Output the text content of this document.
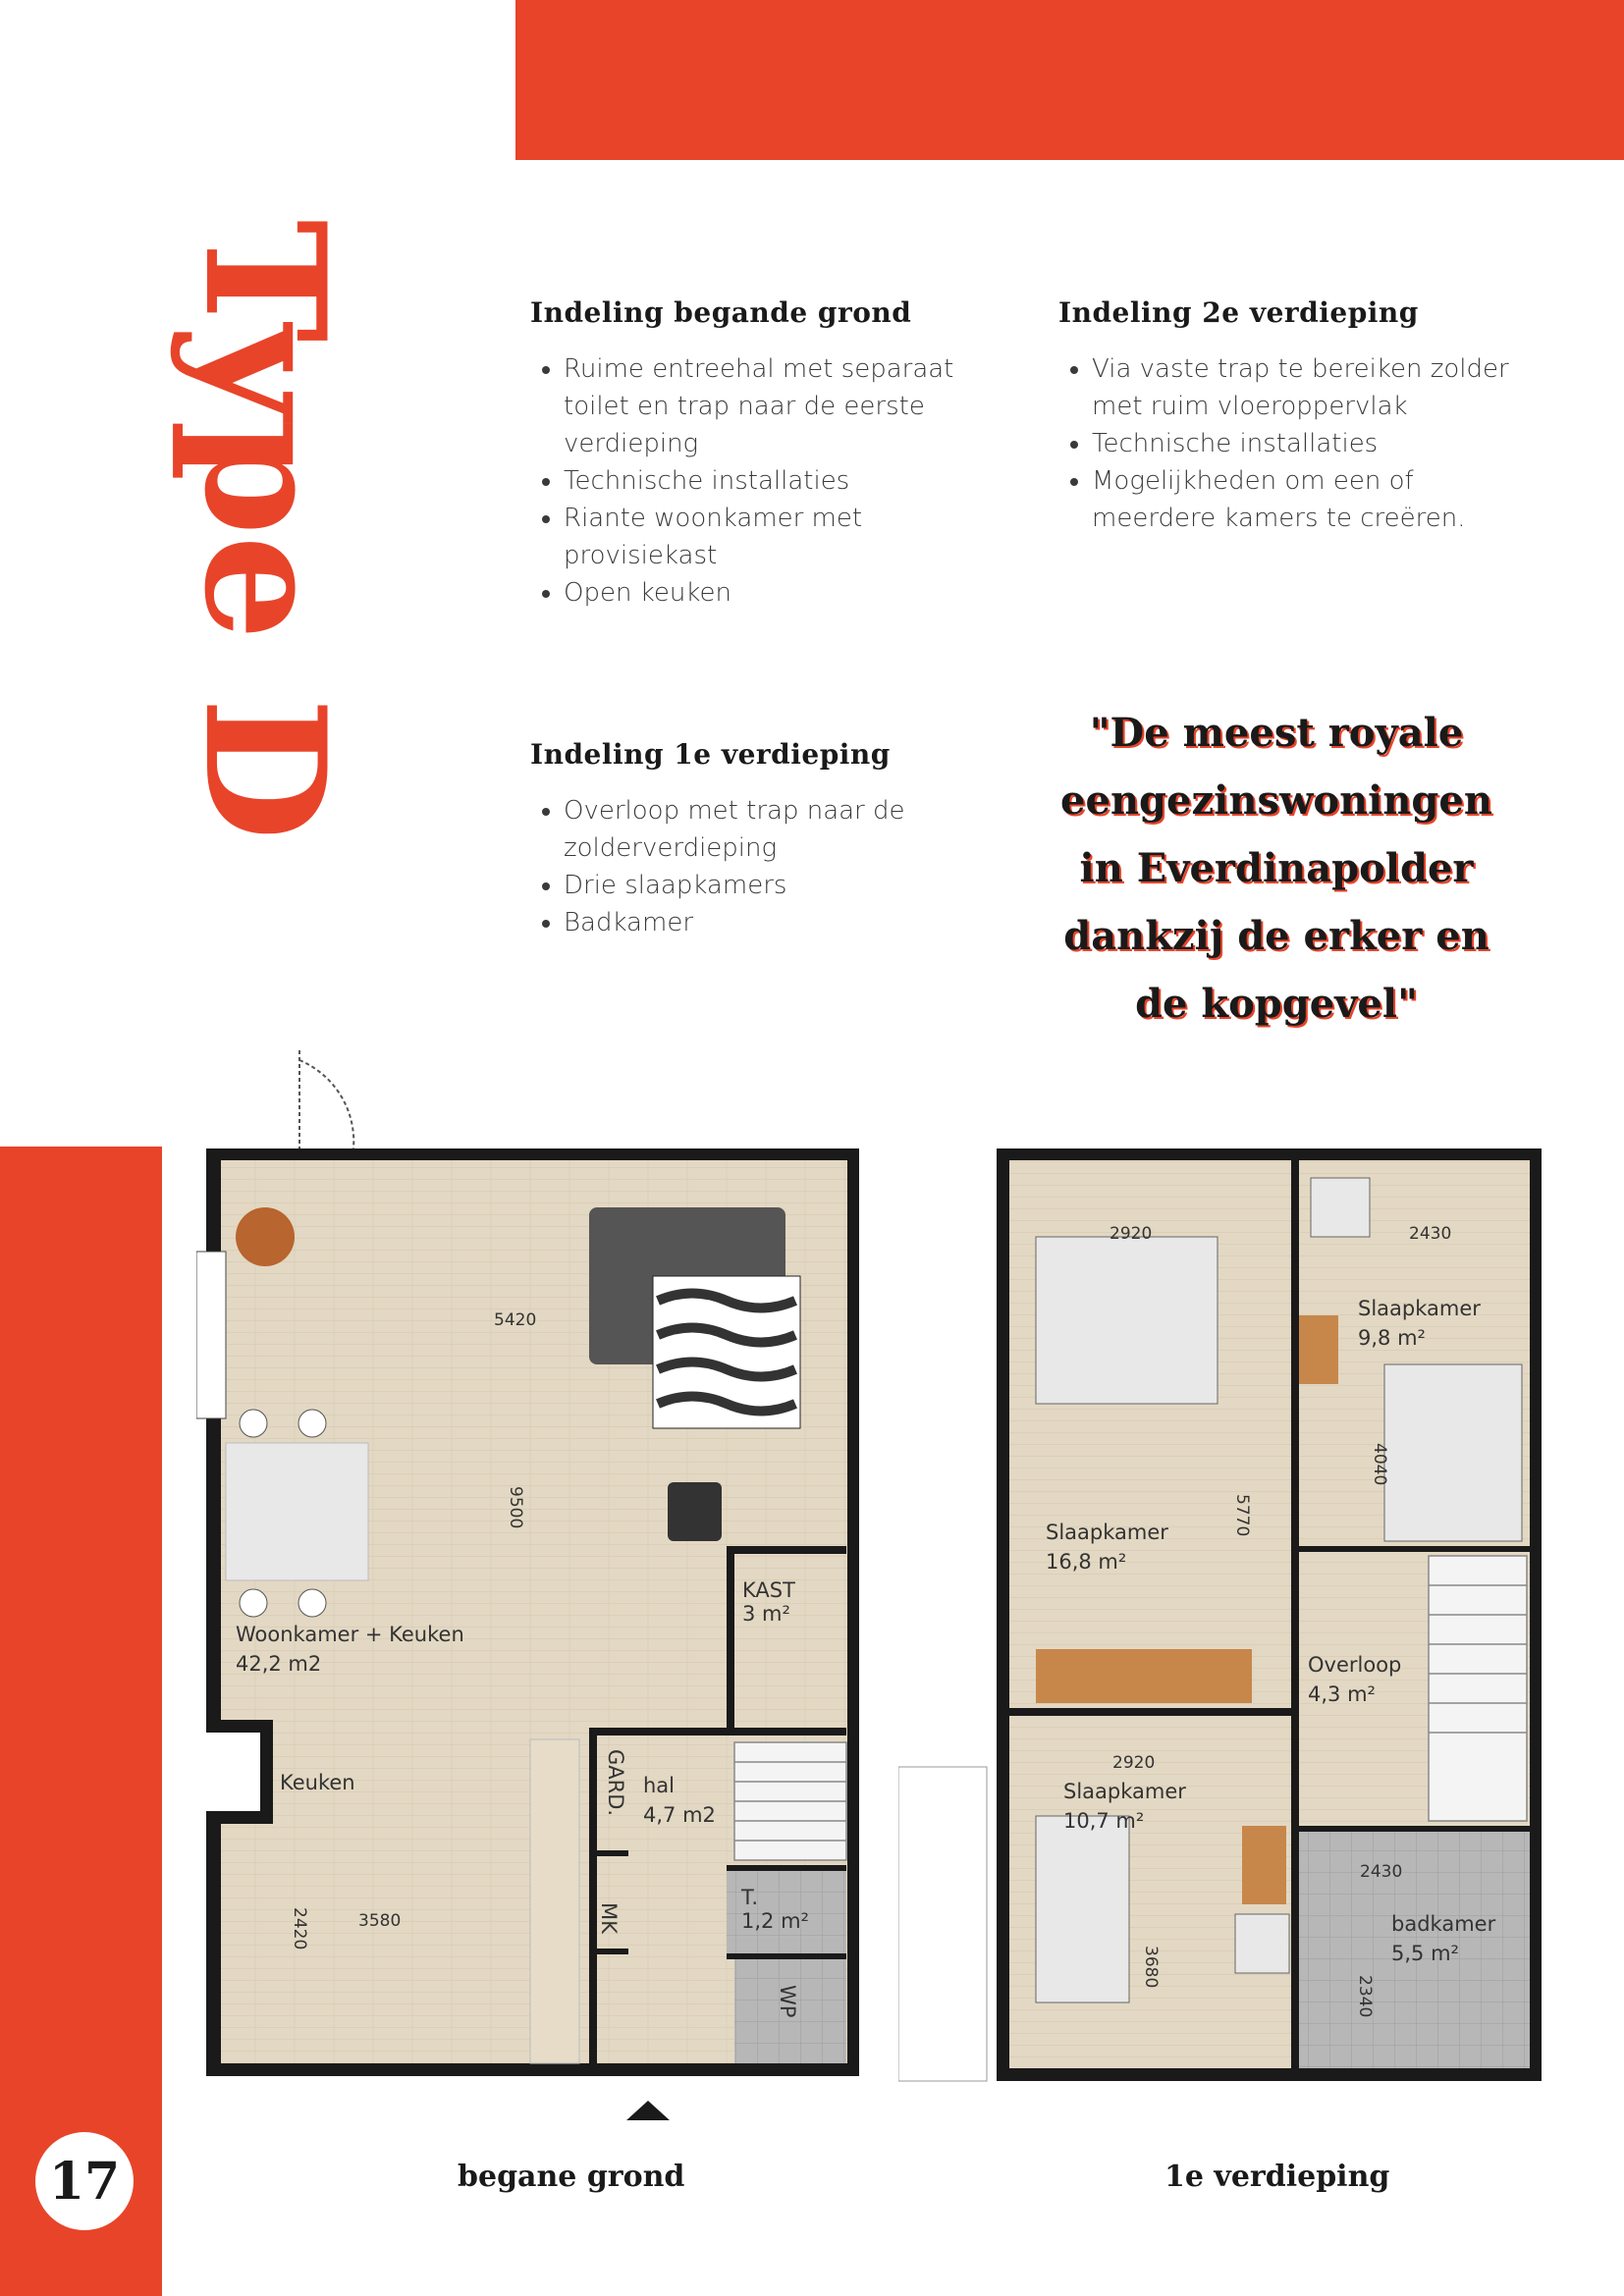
Type D	Indeling begande grond
• Ruime entreehal met separaat toilet en trap naar de eerste verdieping
• Technische installaties
• Riante woonkamer met provisiekast
• Open keuken
Indeling 2e verdieping
• Via vaste trap te bereiken zolder met ruim vloeroppervlak
• Technische installaties
• Mogelijkheden om een of meerdere kamers te creëren.
Indeling 1e verdieping
• Overloop met trap naar de zolderverdieping
• Drie slaapkamers
• Badkamer
"De meest royale
eengezinswoningen
in Everdinapolder
dankzij de erker en
de kopgevel"
Woonkamer + Keuken
42,2 m2
Keuken
KAST
3 m²
hal
4,7 m2
GARD.
MK
T.
1,2 m²
WP
5420
9500
3580
2420
Slaapkamer
16,8 m²
Slaapkamer
9,8 m²
Slaapkamer
10,7 m²
Overloop
4,3 m²
badkamer
5,5 m²
2920	2430
4040
5770
2920
3680
2430
2340
begane grond	1e verdieping
17
